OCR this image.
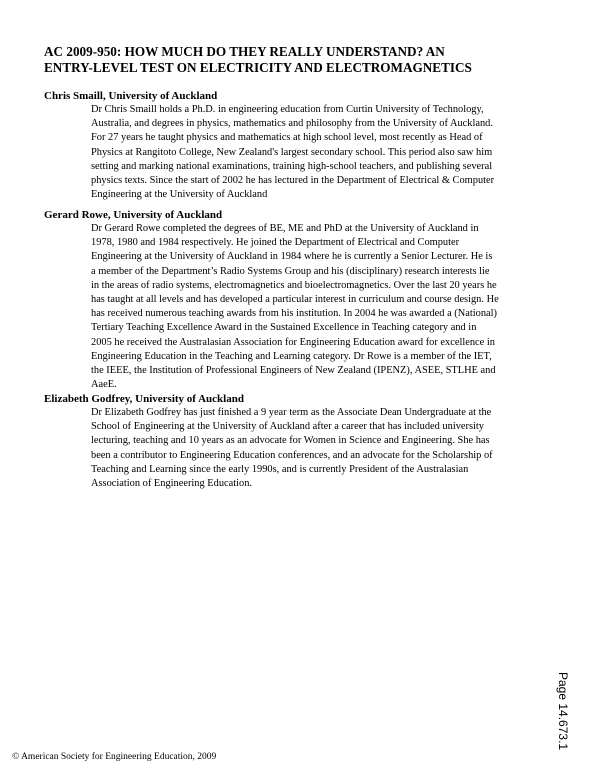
AC 2009-950: HOW MUCH DO THEY REALLY UNDERSTAND? AN
ENTRY-LEVEL TEST ON ELECTRICITY AND ELECTROMAGNETICS
Chris Smaill, University of Auckland
Dr Chris Smaill holds a Ph.D. in engineering education from Curtin University of Technology,
Australia, and degrees in physics, mathematics and philosophy from the University of Auckland.
For 27 years he taught physics and mathematics at high school level, most recently as Head of
Physics at Rangitoto College, New Zealand's largest secondary school. This period also saw him
setting and marking national examinations, training high-school teachers, and publishing several
physics texts. Since the start of 2002 he has lectured in the Department of Electrical & Computer
Engineering at the University of Auckland
Gerard Rowe, University of Auckland
Dr Gerard Rowe completed the degrees of BE, ME and PhD at the University of Auckland in
1978, 1980 and 1984 respectively. He joined the Department of Electrical and Computer
Engineering at the University of Auckland in 1984 where he is currently a Senior Lecturer. He is
a member of the Department’s Radio Systems Group and his (disciplinary) research interests lie
in the areas of radio systems, electromagnetics and bioelectromagnetics. Over the last 20 years he
has taught at all levels and has developed a particular interest in curriculum and course design. He
has received numerous teaching awards from his institution. In 2004 he was awarded a (National)
Tertiary Teaching Excellence Award in the Sustained Excellence in Teaching category and in
2005 he received the Australasian Association for Engineering Education award for excellence in
Engineering Education in the Teaching and Learning category. Dr Rowe is a member of the IET,
the IEEE, the Institution of Professional Engineers of New Zealand (IPENZ), ASEE, STLHE and
AaeE.
Elizabeth Godfrey, University of Auckland
Dr Elizabeth Godfrey has just finished a 9 year term as the Associate Dean Undergraduate at the
School of Engineering at the University of Auckland after a career that has included university
lecturing, teaching and 10 years as an advocate for Women in Science and Engineering. She has
been a contributor to Engineering Education conferences, and an advocate for the Scholarship of
Teaching and Learning since the early 1990s, and is currently President of the Australasian
Association of Engineering Education.
Page 14.673.1
© American Society for Engineering Education, 2009
